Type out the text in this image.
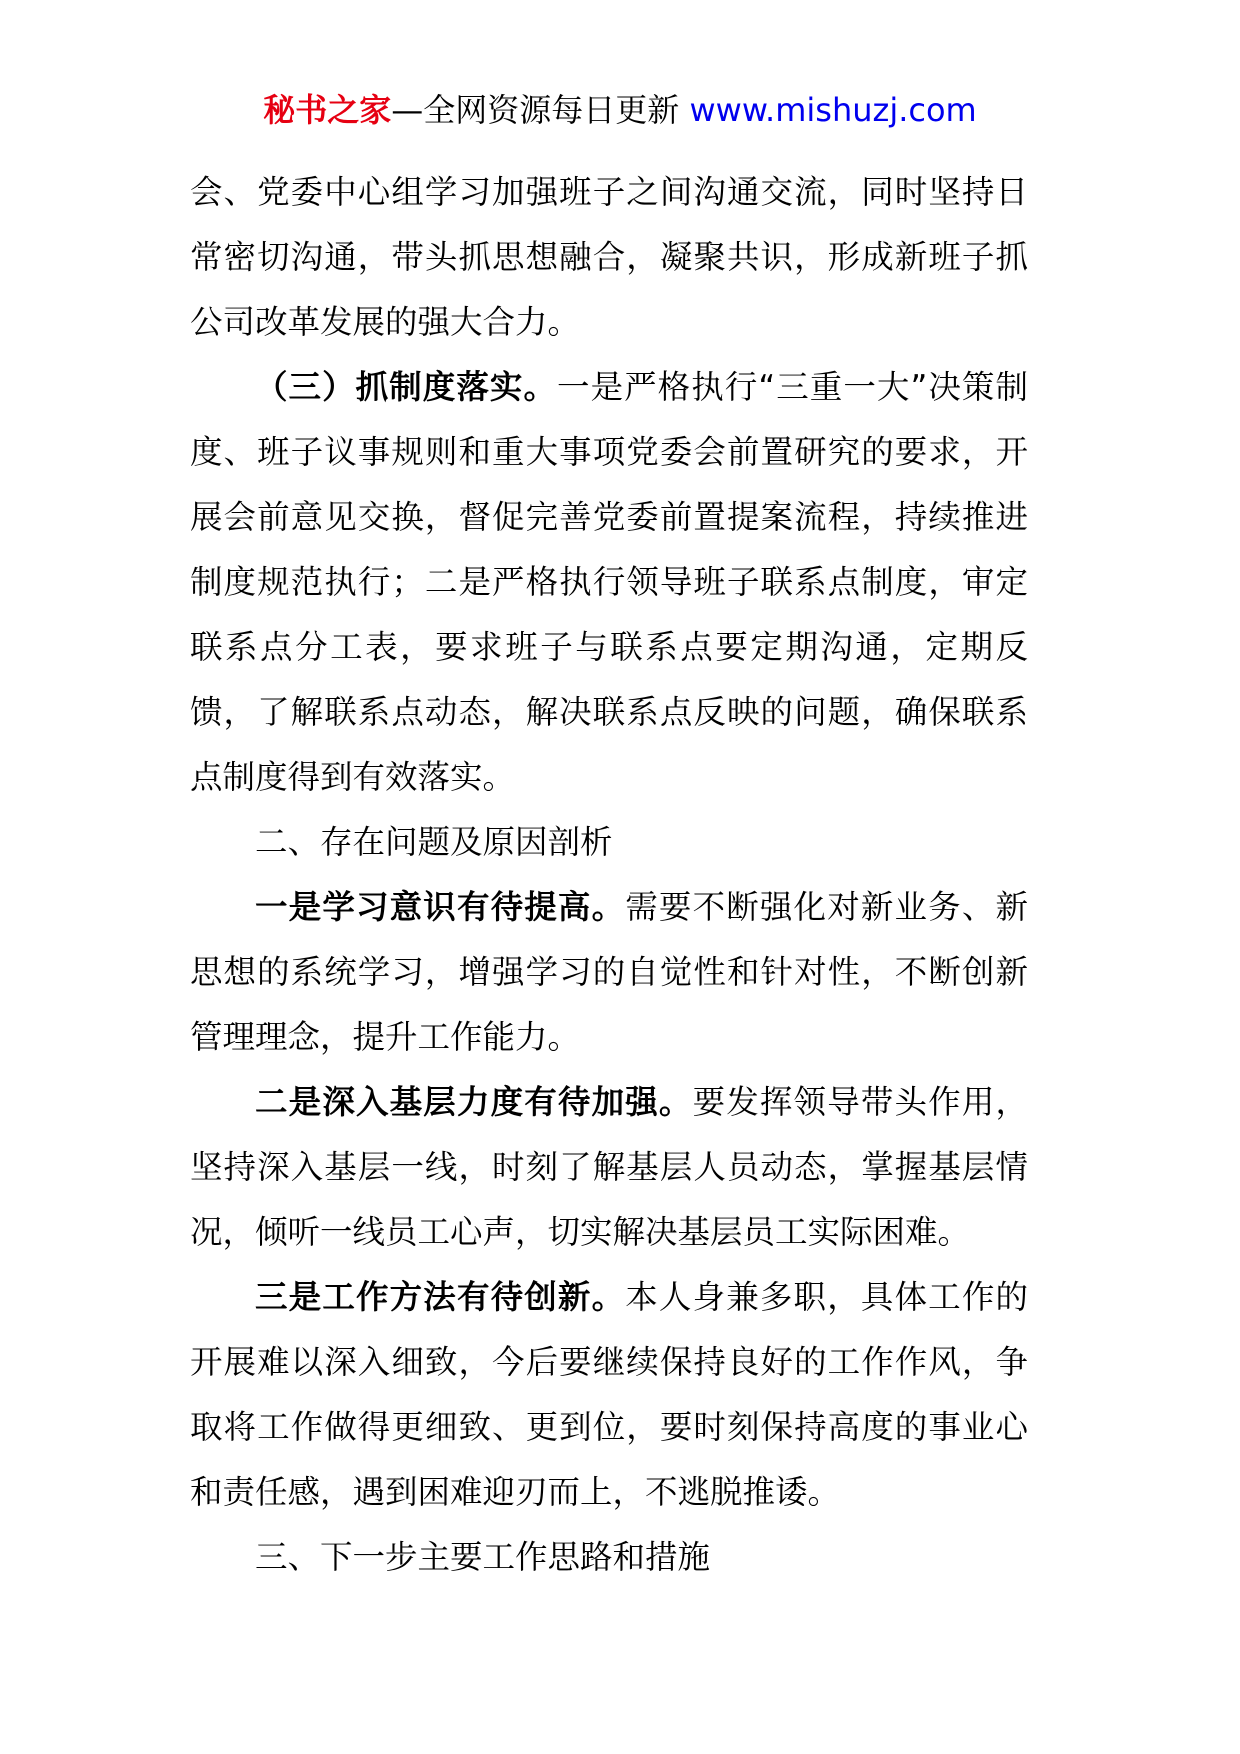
秘书之家—全网资源每日更新 www.mishuzj.com

会、党委中心组学习加强班子之间沟通交流，同时坚持日常密切沟通，带头抓思想融合，凝聚共识，形成新班子抓公司改革发展的强大合力。

（三）抓制度落实。一是严格执行“三重一大”决策制度、班子议事规则和重大事项党委会前置研究的要求，开展会前意见交换，督促完善党委前置提案流程，持续推进制度规范执行；二是严格执行领导班子联系点制度，审定联系点分工表，要求班子与联系点要定期沟通，定期反馈，了解联系点动态，解决联系点反映的问题，确保联系点制度得到有效落实。

二、存在问题及原因剖析

一是学习意识有待提高。需要不断强化对新业务、新思想的系统学习，增强学习的自觉性和针对性，不断创新管理理念，提升工作能力。

二是深入基层力度有待加强。要发挥领导带头作用，坚持深入基层一线，时刻了解基层人员动态，掌握基层情况，倾听一线员工心声，切实解决基层员工实际困难。

三是工作方法有待创新。本人身兼多职，具体工作的开展难以深入细致，今后要继续保持良好的工作作风，争取将工作做得更细致、更到位，要时刻保持高度的事业心和责任感，遇到困难迎刃而上，不逃脱推诿。

三、下一步主要工作思路和措施
